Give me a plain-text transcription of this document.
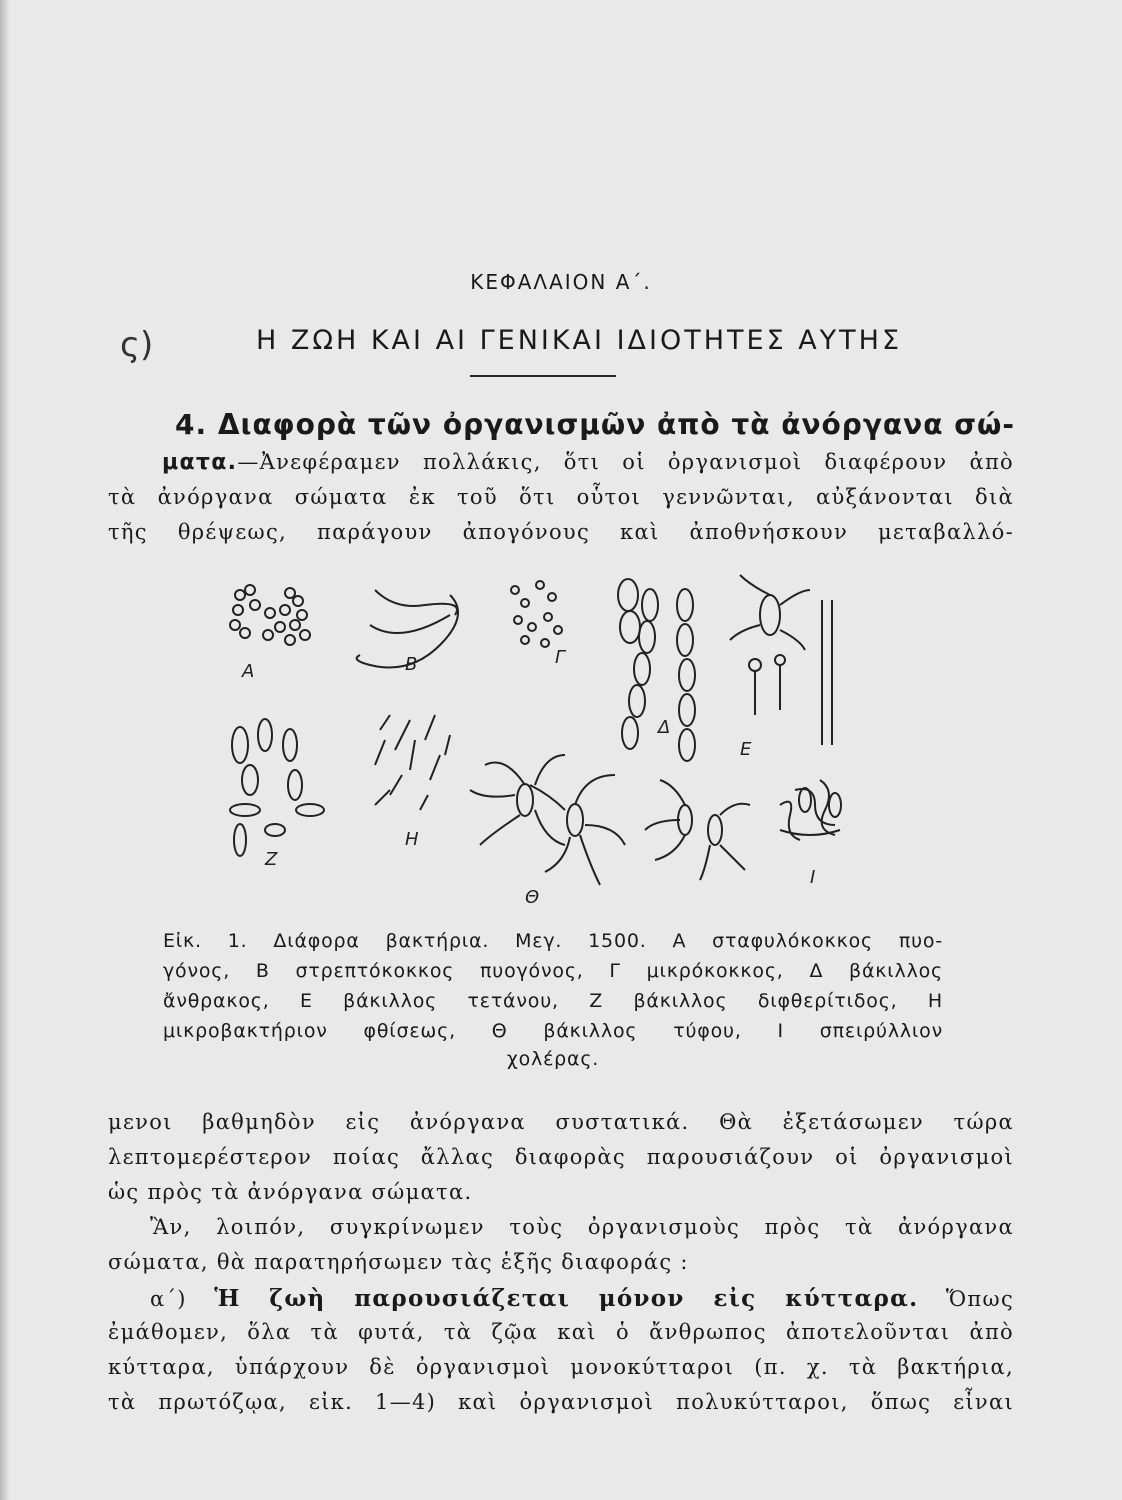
ΚΕΦΑΛΑΙΟΝ Α΄.
ς)	Η ΖΩΗ ΚΑΙ ΑΙ ΓΕΝΙΚΑΙ ΙΔΙΟΤΗΤΕΣ ΑΥΤΗΣ
4. Διαφορὰ τῶν ὀργανισμῶν ἀπὸ τὰ ἀνόργανα σώ-
ματα.—Ἀνεφέραμεν πολλάκις, ὅτι οἱ ὀργανισμοὶ διαφέρουν ἀπὸ
τὰ ἀνόργανα σώματα ἐκ τοῦ ὅτι οὗτοι γεννῶνται, αὐξάνονται διὰ
τῆς θρέψεως, παράγουν ἀπογόνους καὶ ἀποθνήσκουν μεταβαλλό-
A	B	Γ
Δ
Ε
Ζ
Η
Θ
Ι
Εἰκ. 1. Διάφορα βακτήρια. Μεγ. 1500. Α σταφυλόκοκκος πυο-
γόνος, Β στρεπτόκοκκος πυογόνος, Γ μικρόκοκκος, Δ βάκιλλος
ἄνθρακος, Ε βάκιλλος τετάνου, Ζ βάκιλλος διφθερίτιδος, Η
μικροβακτήριον φθίσεως, Θ βάκιλλος τύφου, Ι σπειρύλλιον
χολέρας.
μενοι βαθμηδὸν εἰς ἀνόργανα συστατικά. Θὰ ἐξετάσωμεν τώρα
λεπτομερέστερον ποίας ἄλλας διαφορὰς παρουσιάζουν οἱ ὀργανισμοὶ
ὡς πρὸς τὰ ἀνόργανα σώματα.
Ἂν, λοιπόν, συγκρίνωμεν τοὺς ὀργανισμοὺς πρὸς τὰ ἀνόργανα
σώματα, θὰ παρατηρήσωμεν τὰς ἑξῆς διαφοράς :
α΄) Ἡ ζωὴ παρουσιάζεται μόνον εἰς κύτταρα. Ὅπως
ἐμάθομεν, ὅλα τὰ φυτά, τὰ ζῷα καὶ ὁ ἄνθρωπος ἀποτελοῦνται ἀπὸ
κύτταρα, ὑπάρχουν δὲ ὀργανισμοὶ μονοκύτταροι (π. χ. τὰ βακτήρια,
τὰ πρωτόζῳα, εἰκ. 1—4) καὶ ὀργανισμοὶ πολυκύτταροι, ὅπως εἶναι
